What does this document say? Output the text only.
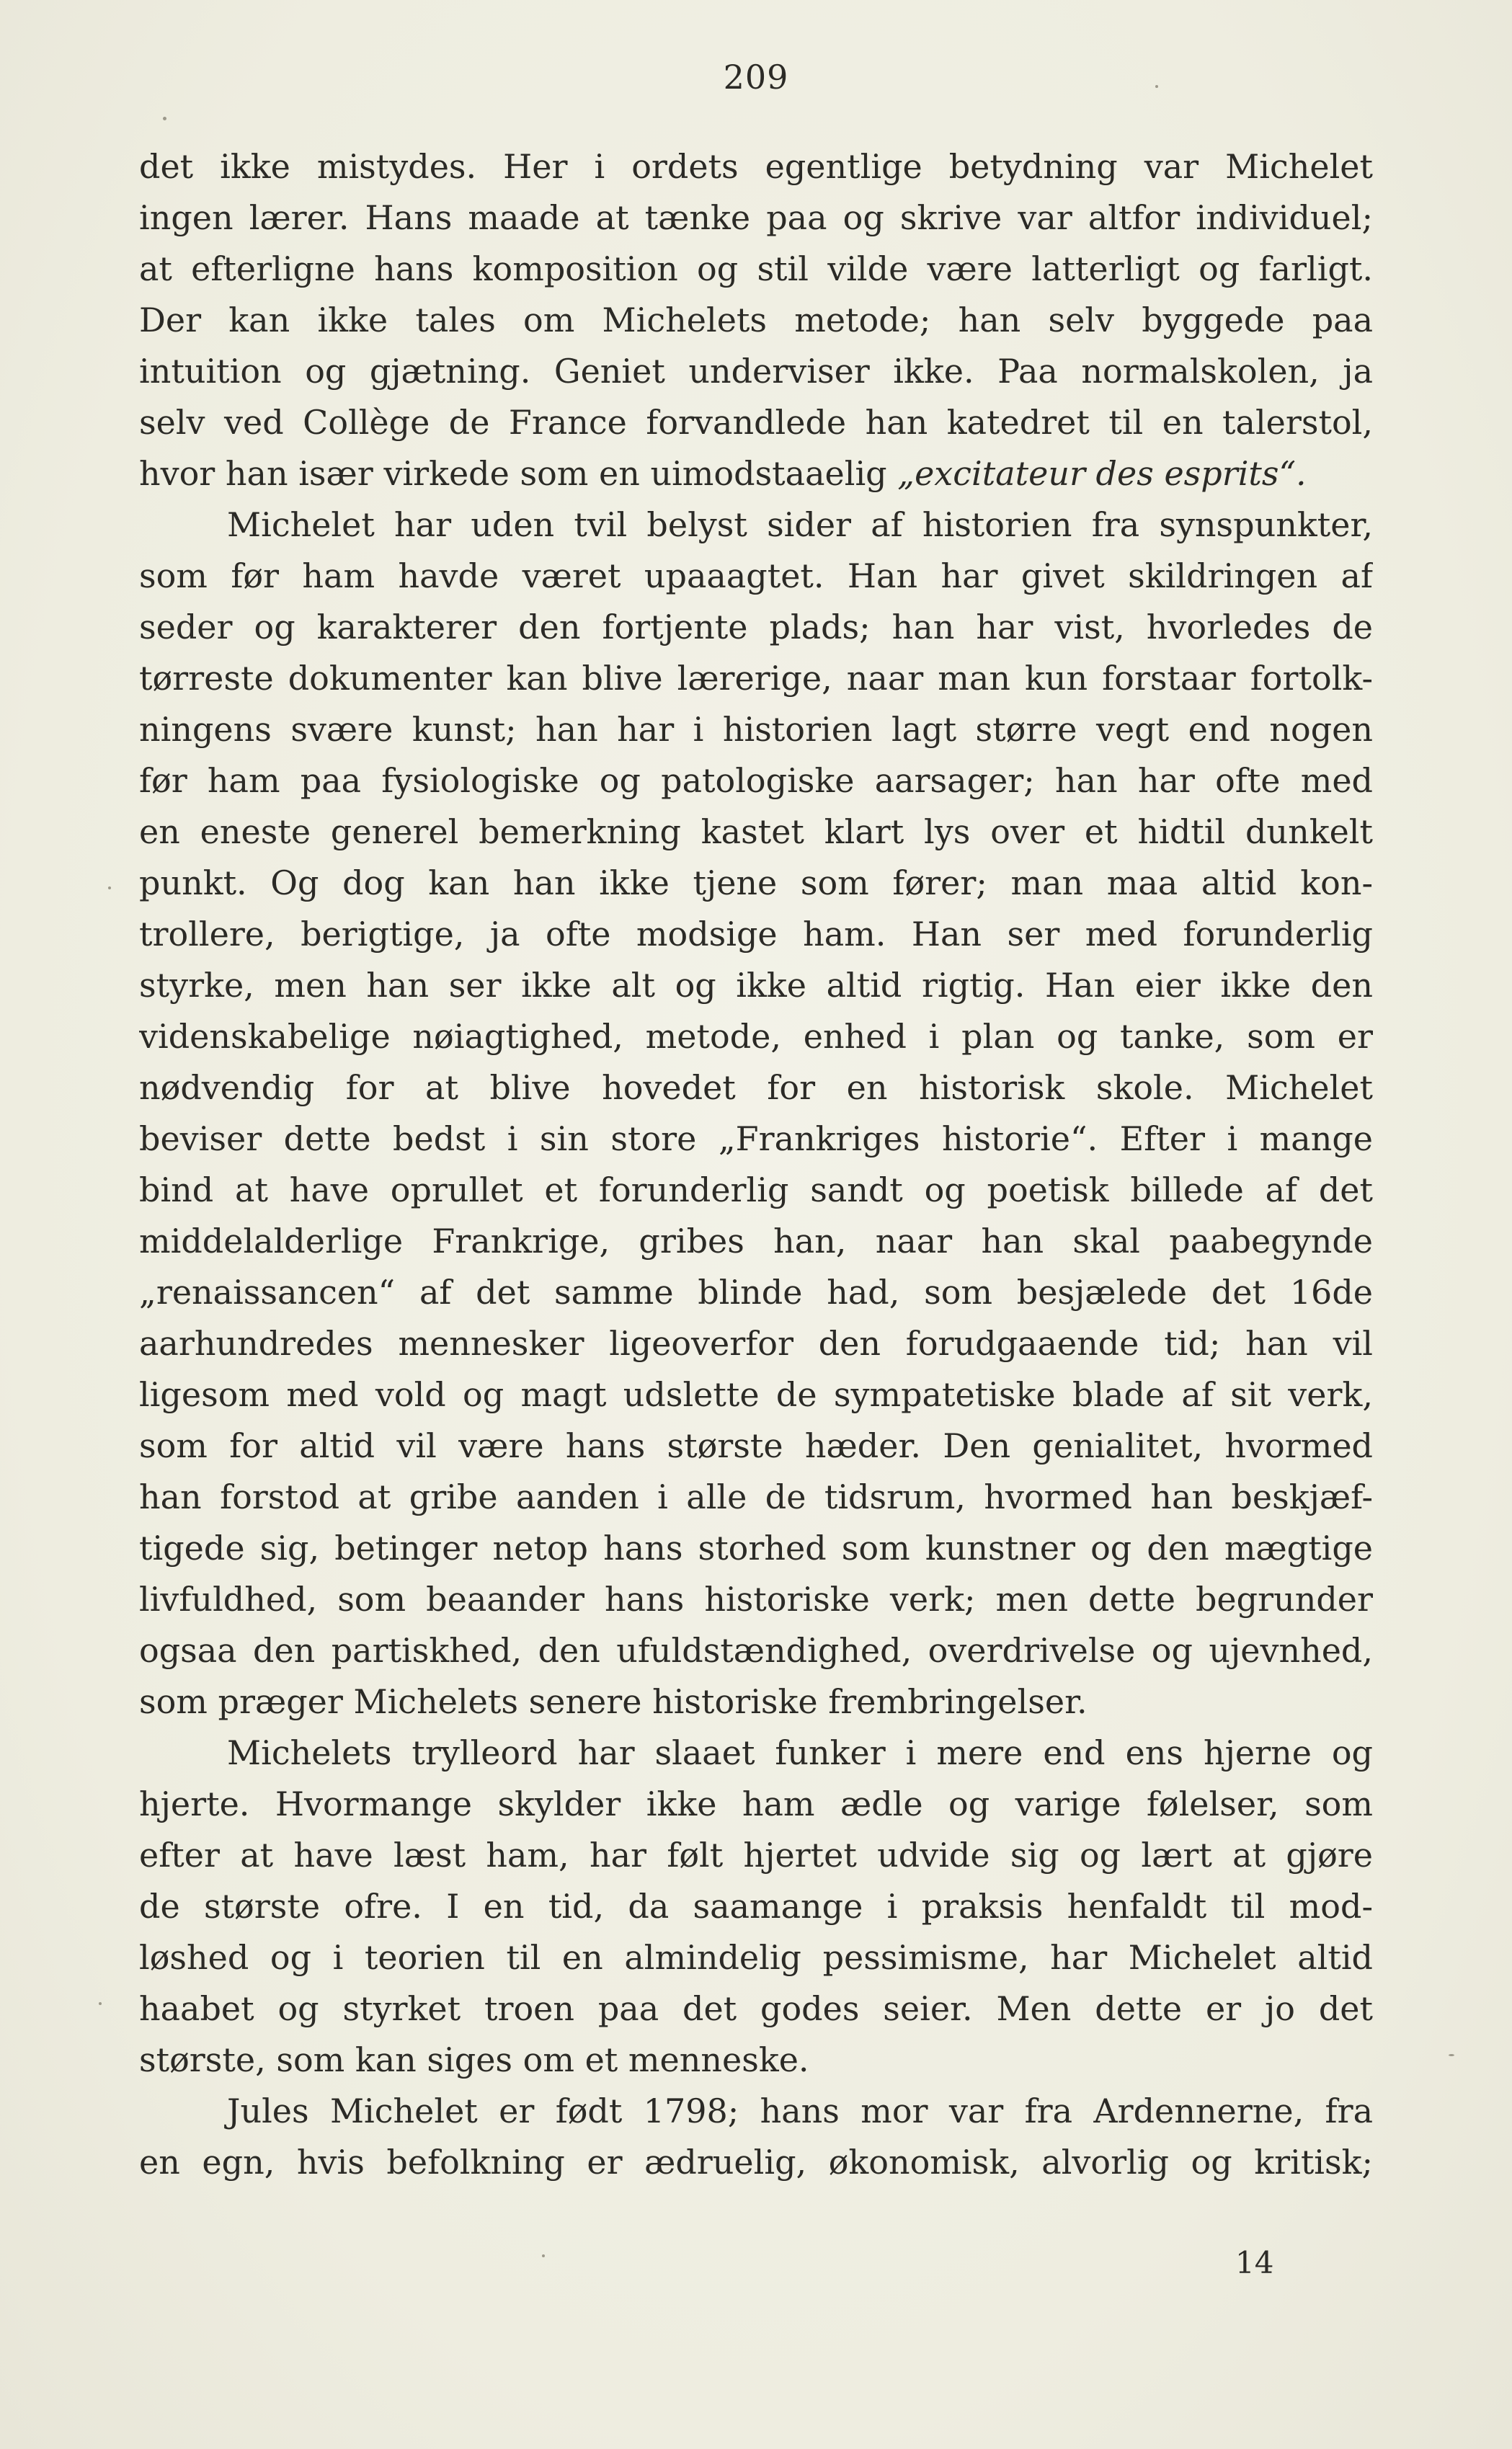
209
det ikke mistydes. Her i ordets egentlige betydning var Michelet
ingen lærer. Hans maade at tænke paa og skrive var altfor individuel;
at efterligne hans komposition og stil vilde være latterligt og farligt.
Der kan ikke tales om Michelets metode; han selv byggede paa
intuition og gjætning. Geniet underviser ikke. Paa normalskolen, ja
selv ved Collège de France forvandlede han katedret til en talerstol,
hvor han især virkede som en uimodstaaelig „excitateur des esprits“.
Michelet har uden tvil belyst sider af historien fra synspunkter,
som før ham havde været upaaagtet. Han har givet skildringen af
seder og karakterer den fortjente plads; han har vist, hvorledes de
tørreste dokumenter kan blive lærerige, naar man kun forstaar fortolk-
ningens svære kunst; han har i historien lagt større vegt end nogen
før ham paa fysiologiske og patologiske aarsager; han har ofte med
en eneste generel bemerkning kastet klart lys over et hidtil dunkelt
punkt. Og dog kan han ikke tjene som fører; man maa altid kon-
trollere, berigtige, ja ofte modsige ham. Han ser med forunderlig
styrke, men han ser ikke alt og ikke altid rigtig. Han eier ikke den
videnskabelige nøiagtighed, metode, enhed i plan og tanke, som er
nødvendig for at blive hovedet for en historisk skole. Michelet
beviser dette bedst i sin store „Frankriges historie“. Efter i mange
bind at have oprullet et forunderlig sandt og poetisk billede af det
middelalderlige Frankrige, gribes han, naar han skal paabegynde
„renaissancen“ af det samme blinde had, som besjælede det 16de
aarhundredes mennesker ligeoverfor den forudgaaende tid; han vil
ligesom med vold og magt udslette de sympatetiske blade af sit verk,
som for altid vil være hans største hæder. Den genialitet, hvormed
han forstod at gribe aanden i alle de tidsrum, hvormed han beskjæf-
tigede sig, betinger netop hans storhed som kunstner og den mægtige
livfuldhed, som beaander hans historiske verk; men dette begrunder
ogsaa den partiskhed, den ufuldstændighed, overdrivelse og ujevnhed,
som præger Michelets senere historiske frembringelser.
Michelets trylleord har slaaet funker i mere end ens hjerne og
hjerte. Hvormange skylder ikke ham ædle og varige følelser, som
efter at have læst ham, har følt hjertet udvide sig og lært at gjøre
de største ofre. I en tid, da saamange i praksis henfaldt til mod-
løshed og i teorien til en almindelig pessimisme, har Michelet altid
haabet og styrket troen paa det godes seier. Men dette er jo det
største, som kan siges om et menneske.
Jules Michelet er født 1798; hans mor var fra Ardennerne, fra
en egn, hvis befolkning er ædruelig, økonomisk, alvorlig og kritisk;
14
